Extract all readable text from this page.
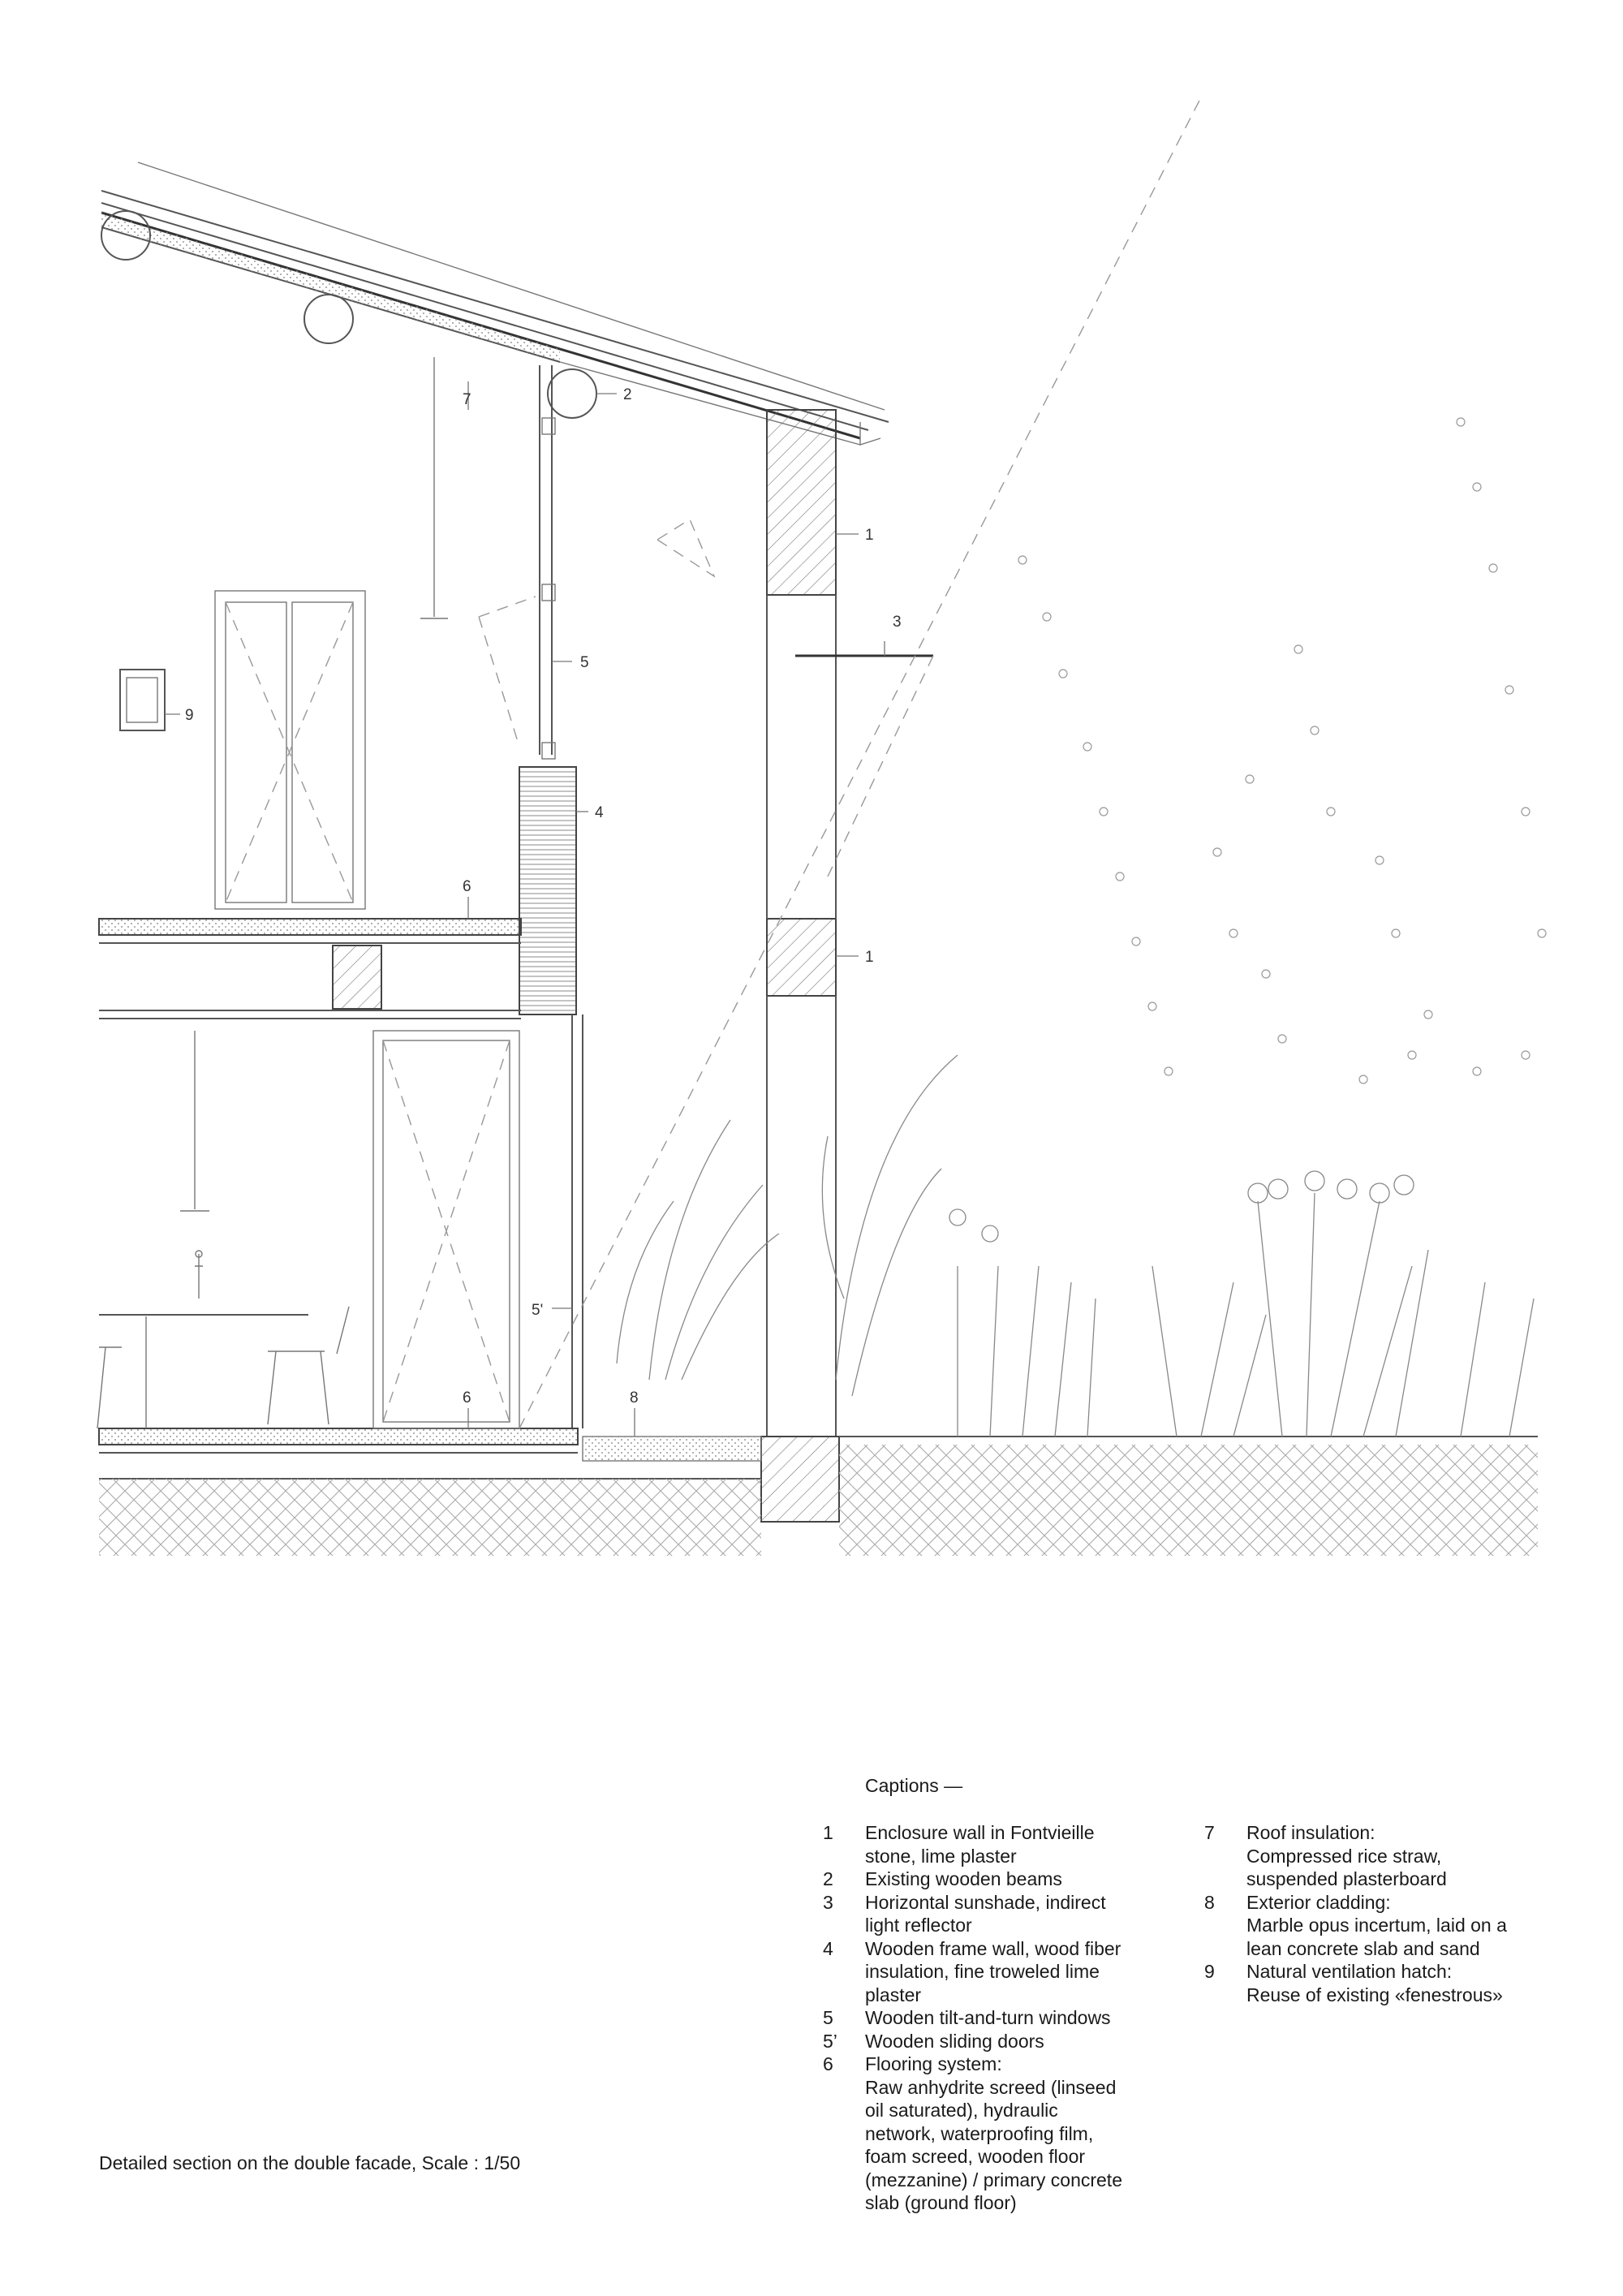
1
1
2
3
4
5
5'
6
6
7
8
9
Captions —
1	Enclosure wall in Fontvieille
stone, lime plaster
2	Existing wooden beams
3	Horizontal sunshade, indirect
light reflector
4	Wooden frame wall, wood fiber
insulation, fine troweled lime
plaster
5	Wooden tilt-and-turn windows
5’	Wooden sliding doors
6	Flooring system:
Raw anhydrite screed (linseed
oil saturated), hydraulic
network, waterproofing film,
foam screed, wooden floor
(mezzanine) / primary concrete
slab (ground floor)
7	Roof insulation:
Compressed rice straw,
suspended plasterboard
8	Exterior cladding:
Marble opus incertum, laid on a
lean concrete slab and sand
9	Natural ventilation hatch:
Reuse of existing «fenestrous»
Detailed section on the double facade, Scale : 1/50
